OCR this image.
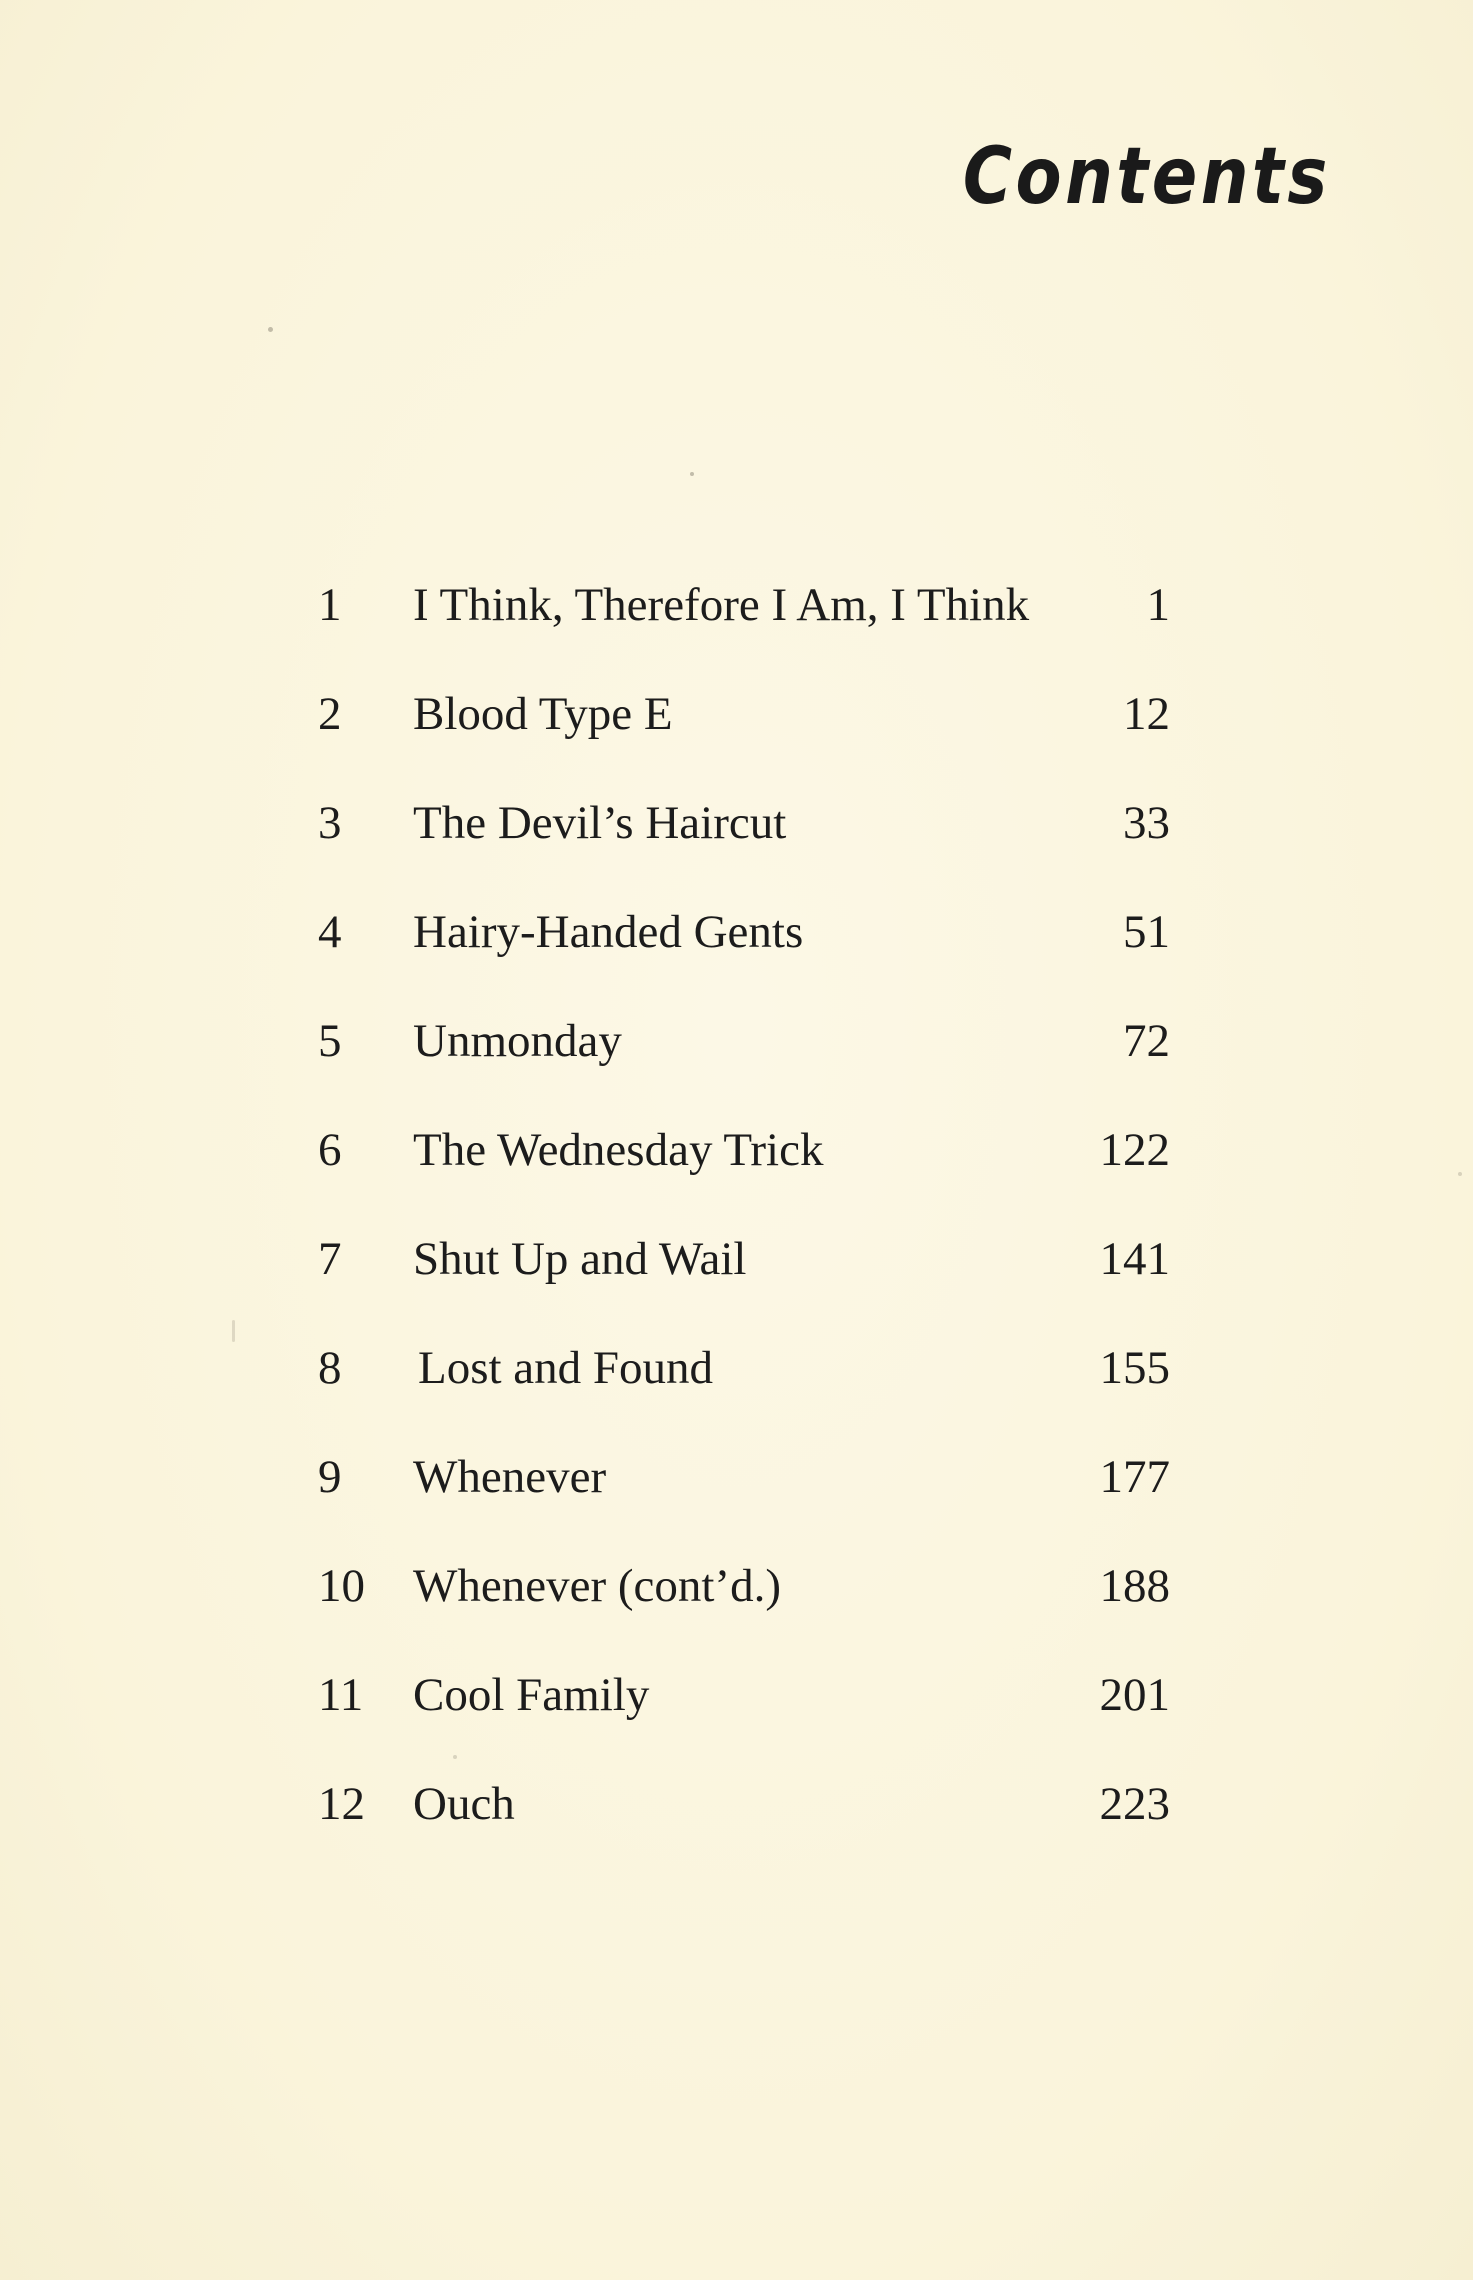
Contents
1 I Think, Therefore I Am, I Think 1
2 Blood Type E	12
3 The Devil’s Haircut	33
4 Hairy-Handed Gents	51
5 Unmonday	72
6 The Wednesday Trick	122
7 Shut Up and Wail	141
8 Lost and Found	155
9 Whenever	177
10 Whenever (cont’d.)	188
11 Cool Family	201
12 Ouch	223
